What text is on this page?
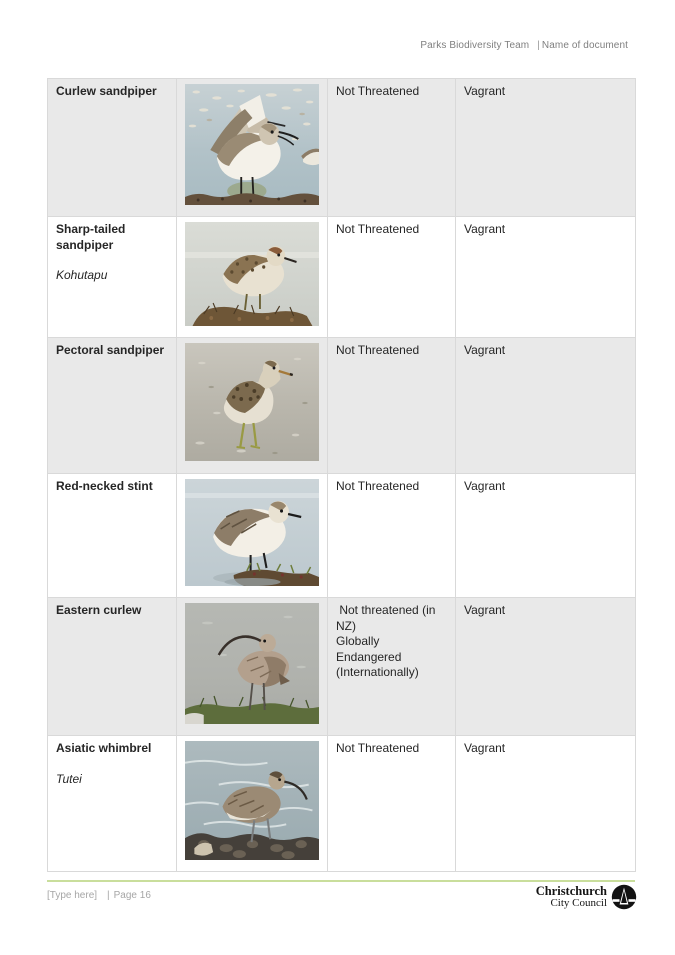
Parks Biodiversity Team | Name of document
Curlew sandpiper		Not Threatened	Vagrant

Sharp-tailed sandpiper
Kohutapu		Not Threatened	Vagrant

Pectoral sandpiper		Not Threatened	Vagrant

Red-necked stint		Not Threatened	Vagrant

Eastern curlew		Not threatened (in NZ)
Globally Endangered (Internationally)	Vagrant

Asiatic whimbrel
Tutei		Not Threatened	Vagrant
[Type here] | Page 16	Christchurch
City Council
